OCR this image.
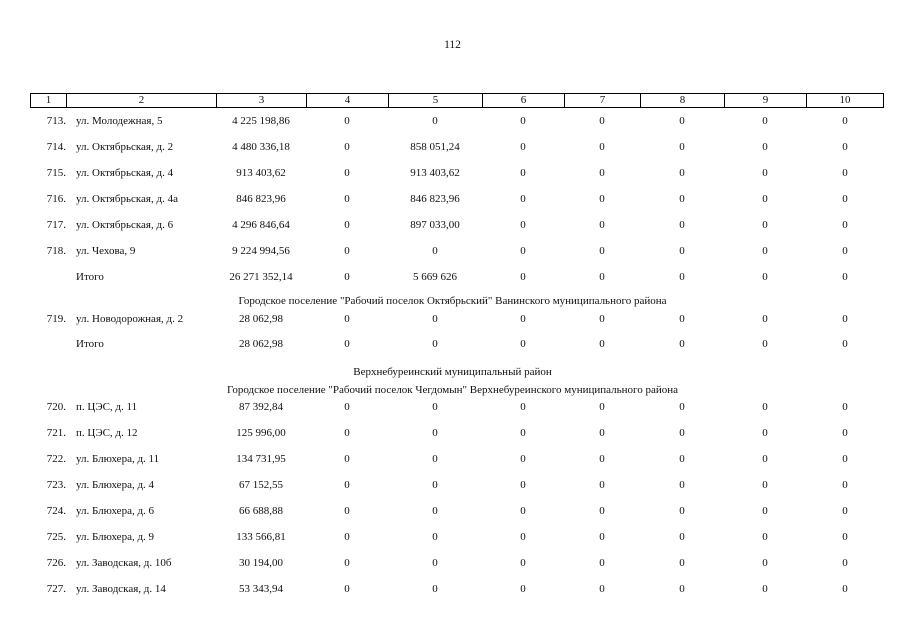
112
1	2	3	4	5	6	7	8	9	10
713. ул. Молодежная, 5	4 225 198,86	0	0	0	0	0	0	0
714. ул. Октябрьская, д. 2	4 480 336,18	0	858 051,24	0	0	0	0	0
715. ул. Октябрьская, д. 4	913 403,62	0	913 403,62	0	0	0	0	0
716. ул. Октябрьская, д. 4а	846 823,96	0	846 823,96	0	0	0	0	0
717. ул. Октябрьская, д. 6	4 296 846,64	0	897 033,00	0	0	0	0	0
718. ул. Чехова, 9	9 224 994,56	0	0	0	0	0	0	0
Итого	26 271 352,14	0	5 669 626	0	0	0	0	0
Городское поселение "Рабочий поселок Октябрьский" Ванинского муниципального района
719. ул. Новодорожная, д. 2	28 062,98	0	0	0	0	0	0	0
Итого	28 062,98	0	0	0	0	0	0	0
Верхнебуреинский муниципальный район
Городское поселение "Рабочий поселок Чегдомын" Верхнебуреинского муниципального района
720. п. ЦЭС, д. 11	87 392,84	0	0	0	0	0	0	0
721. п. ЦЭС, д. 12	125 996,00	0	0	0	0	0	0	0
722. ул. Блюхера, д. 11	134 731,95	0	0	0	0	0	0	0
723. ул. Блюхера, д. 4	67 152,55	0	0	0	0	0	0	0
724. ул. Блюхера, д. 6	66 688,88	0	0	0	0	0	0	0
725. ул. Блюхера, д. 9	133 566,81	0	0	0	0	0	0	0
726. ул. Заводская, д. 10б	30 194,00	0	0	0	0	0	0	0
727. ул. Заводская, д. 14	53 343,94	0	0	0	0	0	0	0
